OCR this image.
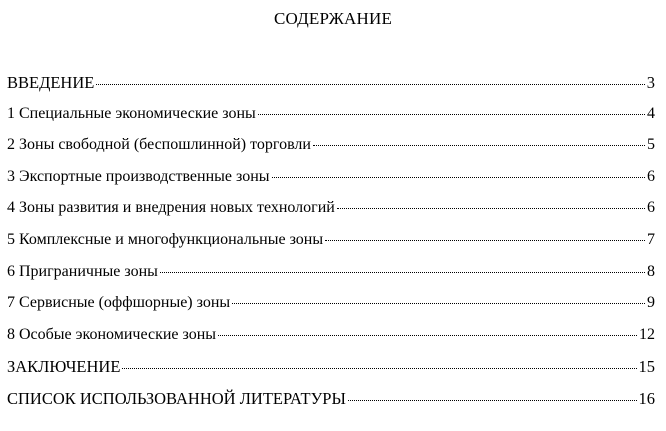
СОДЕРЖАНИЕ
ВВЕДЕНИЕ	3
1 Специальные экономические зоны	4
2 Зоны свободной (беспошлинной) торговли	5
3 Экспортные производственные зоны	6
4 Зоны развития и внедрения новых технологий	6
5 Комплексные и многофункциональные зоны	7
6 Приграничные зоны	8
7 Сервисные (оффшорные) зоны	9
8 Особые экономические зоны	12
ЗАКЛЮЧЕНИЕ	15
СПИСОК ИСПОЛЬЗОВАННОЙ ЛИТЕРАТУРЫ	16
